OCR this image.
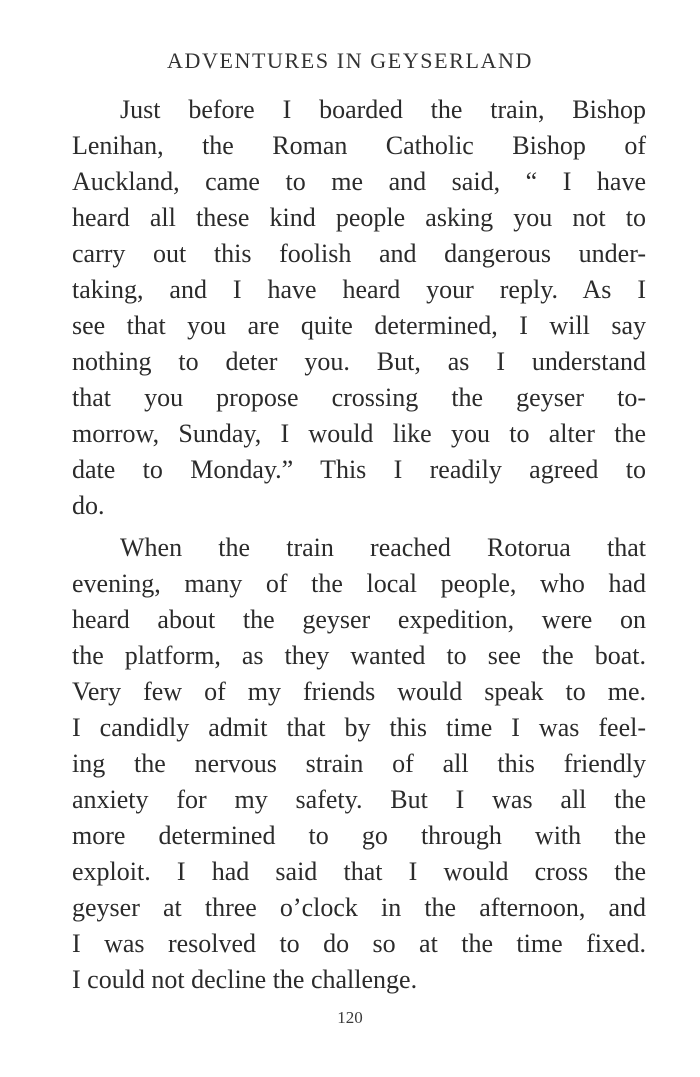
ADVENTURES IN GEYSERLAND
Just before I boarded the train, Bishop
Lenihan, the Roman Catholic Bishop of
Auckland, came to me and said, “ I have
heard all these kind people asking you not to
carry out this foolish and dangerous under-
taking, and I have heard your reply. As I
see that you are quite determined, I will say
nothing to deter you. But, as I understand
that you propose crossing the geyser to-
morrow, Sunday, I would like you to alter the
date to Monday.” This I readily agreed to
do.
When the train reached Rotorua that
evening, many of the local people, who had
heard about the geyser expedition, were on
the platform, as they wanted to see the boat.
Very few of my friends would speak to me.
I candidly admit that by this time I was feel-
ing the nervous strain of all this friendly
anxiety for my safety. But I was all the
more determined to go through with the
exploit. I had said that I would cross the
geyser at three o’clock in the afternoon, and
I was resolved to do so at the time fixed.
I could not decline the challenge.
120
